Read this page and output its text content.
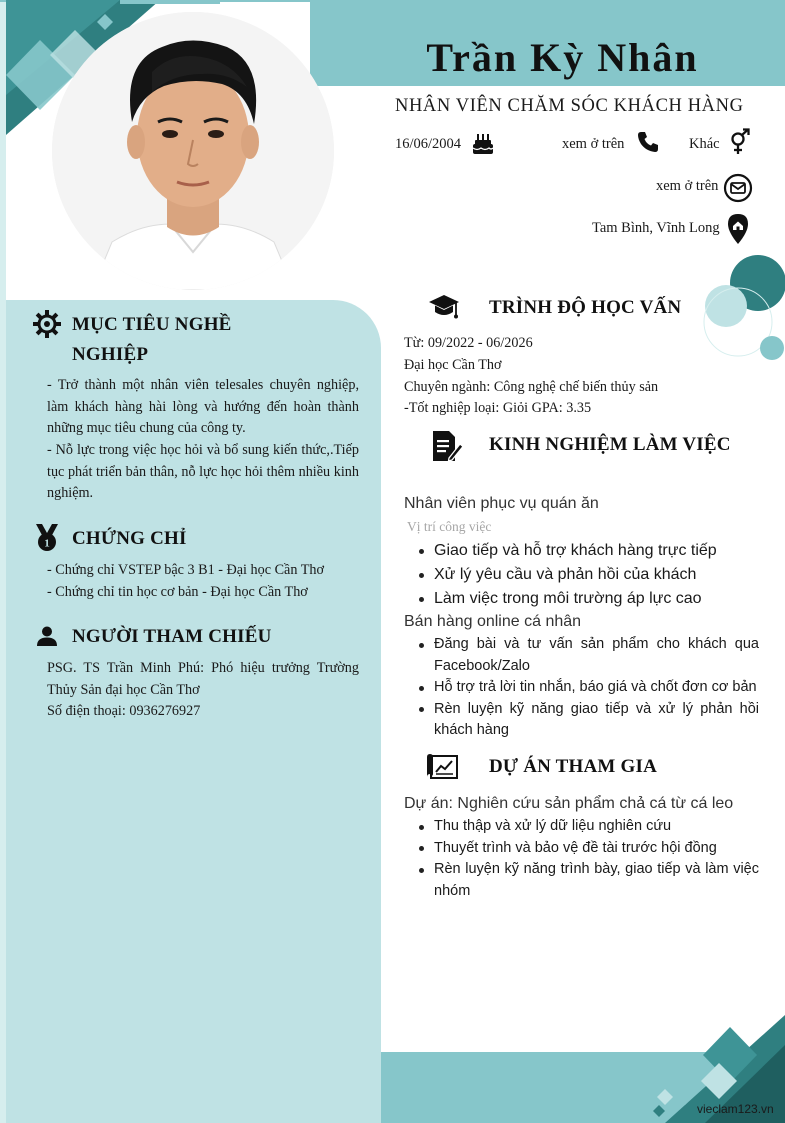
Trần Kỳ Nhân
NHÂN VIÊN CHĂM SÓC KHÁCH HÀNG
16/06/2004	xem ở trên	Khác
xem ở trên
Tam Bình, Vĩnh Long
MỤC TIÊU NGHỀ
NGHIỆP
- Trở thành một nhân viên telesales chuyên nghiệp, làm khách hàng hài lòng và hướng đến hoàn thành những mục tiêu chung của công ty.
- Nỗ lực trong việc học hỏi và bổ sung kiến thức,.Tiếp tục phát triển bản thân, nỗ lực học hỏi thêm nhiều kinh nghiệm.
1 CHỨNG CHỈ
- Chứng chỉ VSTEP bậc 3 B1 - Đại học Cần Thơ
- Chứng chỉ tin học cơ bản - Đại học Cần Thơ
NGƯỜI THAM CHIẾU
PSG. TS Trần Minh Phú: Phó hiệu trưởng Trường Thủy Sản đại học Cần Thơ
Số điện thoại: 0936276927
TRÌNH ĐỘ HỌC VẤN
Từ: 09/2022 - 06/2026
Đại học Cần Thơ
Chuyên ngành: Công nghệ chế biến thủy sản
-Tốt nghiệp loại: Giỏi GPA: 3.35
KINH NGHIỆM LÀM VIỆC
Nhân viên phục vụ quán ăn
Vị trí công việc
Giao tiếp và hỗ trợ khách hàng trực tiếp
Xử lý yêu cầu và phản hồi của khách
Làm việc trong môi trường áp lực cao
Bán hàng online cá nhân
Đăng bài và tư vấn sản phẩm cho khách qua Facebook/Zalo
Hỗ trợ trả lời tin nhắn, báo giá và chốt đơn cơ bản
Rèn luyện kỹ năng giao tiếp và xử lý phản hồi khách hàng
DỰ ÁN THAM GIA
Dự án: Nghiên cứu sản phẩm chả cá từ cá leo
Thu thập và xử lý dữ liệu nghiên cứu
Thuyết trình và bảo vệ đề tài trước hội đồng
Rèn luyện kỹ năng trình bày, giao tiếp và làm việc nhóm
vieclam123.vn
